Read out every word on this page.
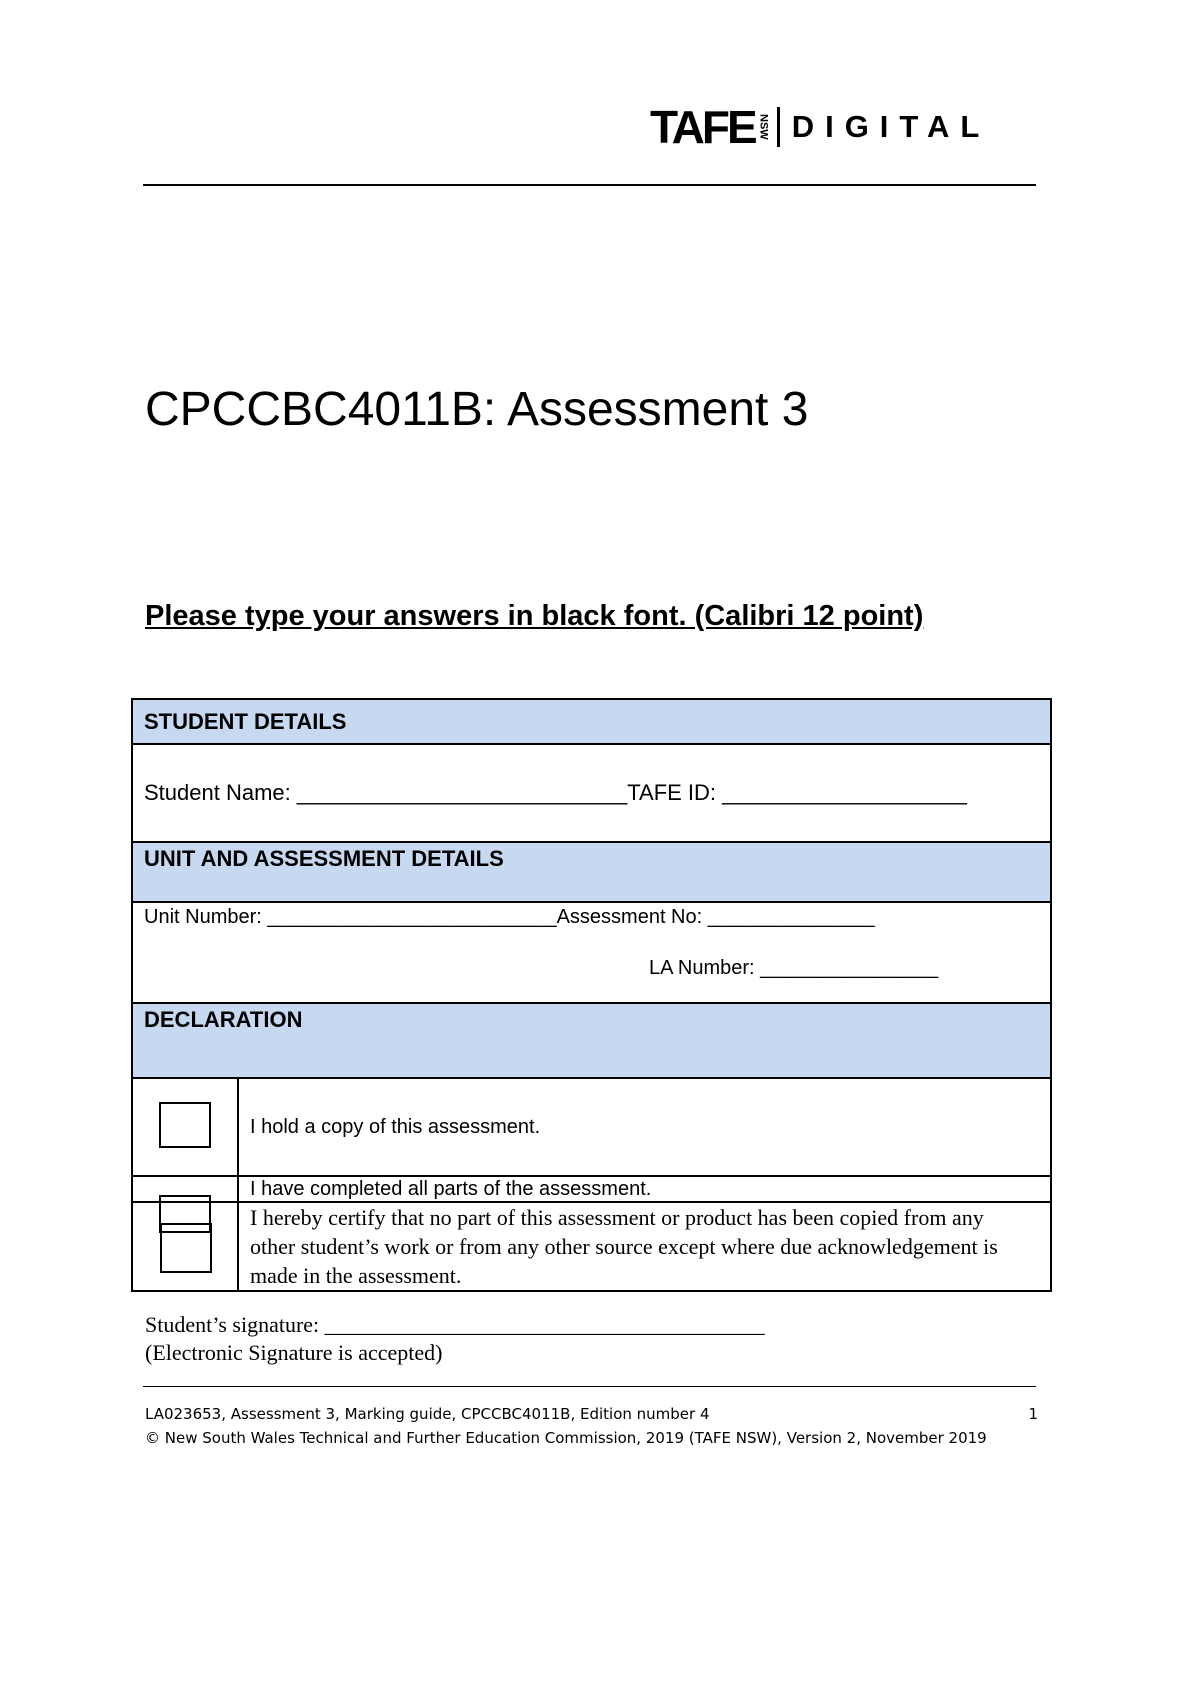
TAFE NSW DIGITAL
CPCCBC4011B: Assessment 3
Please type your answers in black font. (Calibri 12 point)
STUDENT DETAILS	
Student Name: ___________________________TAFE ID: ____________________	
UNIT AND ASSESSMENT DETAILS	

Unit Number: __________________________Assessment No: _______________
LA Number: ________________	

DECLARATION	
	I hold a copy of this assessment.

	I have completed all parts of the assessment.

	I hereby certify that no part of this assessment or product has been copied from any other student’s work or from any other source except where due acknowledgement is made in the assessment.
Student’s signature: ________________________________________
(Electronic Signature is accepted)
LA023653, Assessment 3, Marking guide, CPCCBC4011B, Edition number 4	1
© New South Wales Technical and Further Education Commission, 2019 (TAFE NSW), Version 2, November 2019
